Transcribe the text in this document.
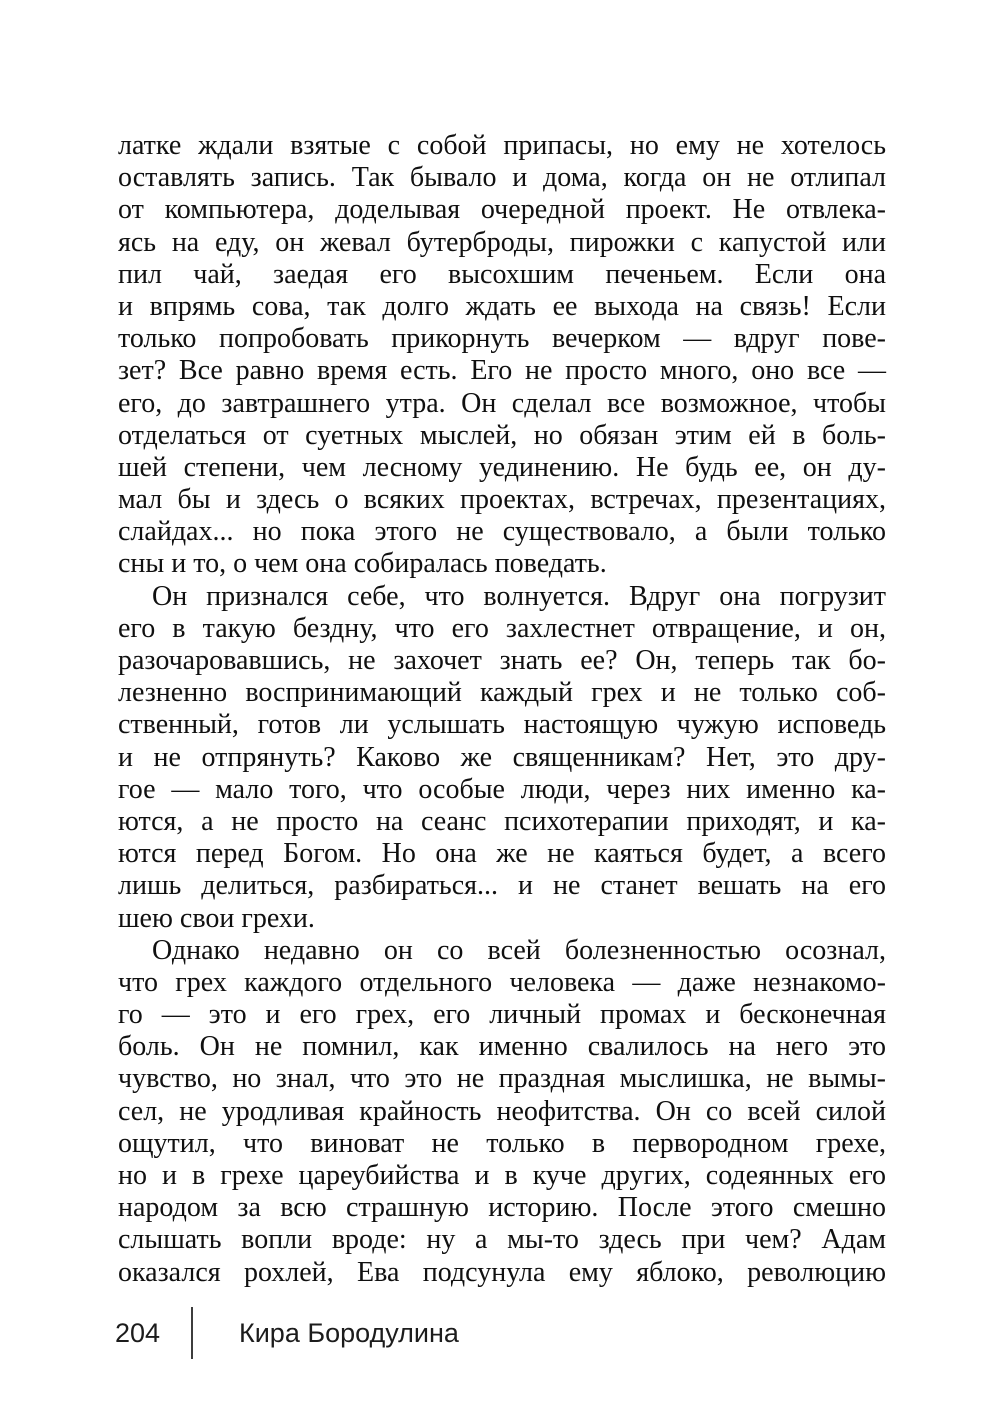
латке ждали взятые с собой припасы, но ему не хотелось
оставлять запись. Так бывало и дома, когда он не отлипал
от компьютера, доделывая очередной проект. Не отвлека-
ясь на еду, он жевал бутерброды, пирожки с капустой или
пил чай, заедая его высохшим печеньем. Если она
и впрямь сова, так долго ждать ее выхода на связь! Если
только попробовать прикорнуть вечерком — вдруг пове-
зет? Все равно время есть. Его не просто много, оно все —
его, до завтрашнего утра. Он сделал все возможное, чтобы
отделаться от суетных мыслей, но обязан этим ей в боль-
шей степени, чем лесному уединению. Не будь ее, он ду-
мал бы и здесь о всяких проектах, встречах, презентациях,
слайдах... но пока этого не существовало, а были только
сны и то, о чем она собиралась поведать.
Он признался себе, что волнуется. Вдруг она погрузит
его в такую бездну, что его захлестнет отвращение, и он,
разочаровавшись, не захочет знать ее? Он, теперь так бо-
лезненно воспринимающий каждый грех и не только соб-
ственный, готов ли услышать настоящую чужую исповедь
и не отпрянуть? Каково же священникам? Нет, это дру-
гое — мало того, что особые люди, через них именно ка-
ются, а не просто на сеанс психотерапии приходят, и ка-
ются перед Богом. Но она же не каяться будет, а всего
лишь делиться, разбираться... и не станет вешать на его
шею свои грехи.
Однако недавно он со всей болезненностью осознал,
что грех каждого отдельного человека — даже незнакомо-
го — это и его грех, его личный промах и бесконечная
боль. Он не помнил, как именно свалилось на него это
чувство, но знал, что это не праздная мыслишка, не вымы-
сел, не уродливая крайность неофитства. Он со всей силой
ощутил, что виноват не только в первородном грехе,
но и в грехе цареубийства и в куче других, содеянных его
народом за всю страшную историю. После этого смешно
слышать вопли вроде: ну а мы-то здесь при чем? Адам
оказался рохлей, Ева подсунула ему яблоко, революцию
204	Кира Бородулина
